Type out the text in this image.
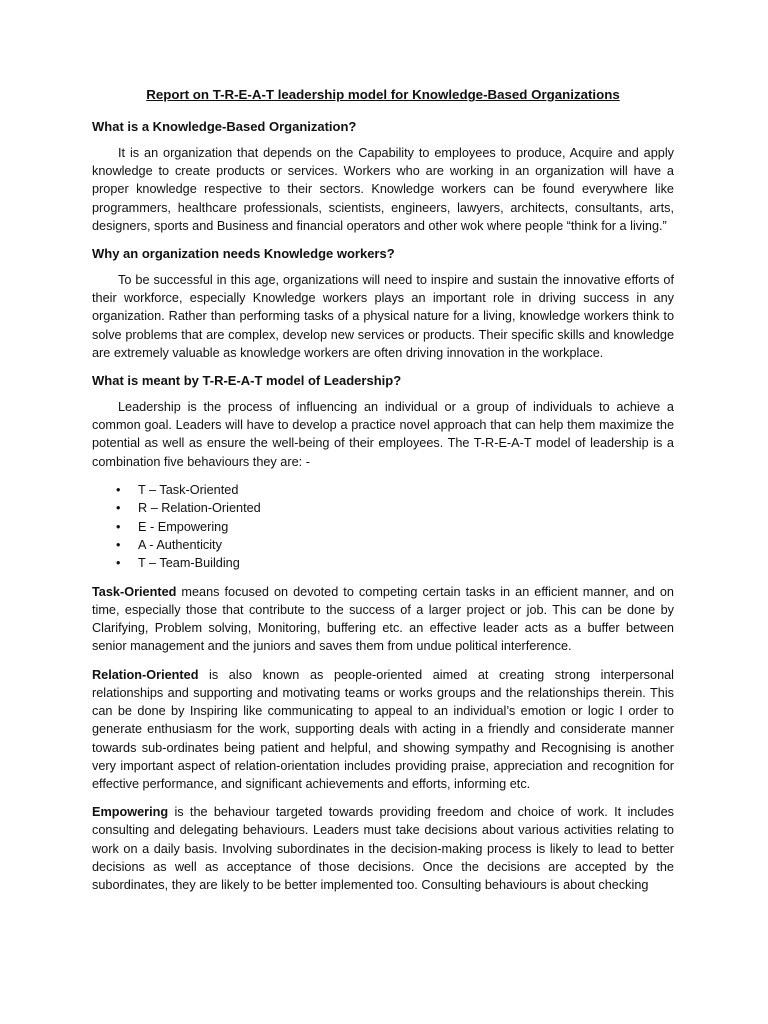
Report on T-R-E-A-T leadership model for Knowledge-Based Organizations

What is a Knowledge-Based Organization?

It is an organization that depends on the Capability to employees to produce, Acquire and apply knowledge to create products or services. Workers who are working in an organization will have a proper knowledge respective to their sectors. Knowledge workers can be found everywhere like programmers, healthcare professionals, scientists, engineers, lawyers, architects, consultants, arts, designers, sports and Business and financial operators and other wok where people “think for a living.”

Why an organization needs Knowledge workers?

To be successful in this age, organizations will need to inspire and sustain the innovative efforts of their workforce, especially Knowledge workers plays an important role in driving success in any organization. Rather than performing tasks of a physical nature for a living, knowledge workers think to solve problems that are complex, develop new services or products. Their specific skills and knowledge are extremely valuable as knowledge workers are often driving innovation in the workplace.

What is meant by T-R-E-A-T model of Leadership?

Leadership is the process of influencing an individual or a group of individuals to achieve a common goal. Leaders will have to develop a practice novel approach that can help them maximize the potential as well as ensure the well-being of their employees. The T-R-E-A-T model of leadership is a combination five behaviours they are: -

• T – Task-Oriented
• R – Relation-Oriented
• E - Empowering
• A - Authenticity
• T – Team-Building

Task-Oriented means focused on devoted to competing certain tasks in an efficient manner, and on time, especially those that contribute to the success of a larger project or job. This can be done by Clarifying, Problem solving, Monitoring, buffering etc. an effective leader acts as a buffer between senior management and the juniors and saves them from undue political interference.

Relation-Oriented is also known as people-oriented aimed at creating strong interpersonal relationships and supporting and motivating teams or works groups and the relationships therein. This can be done by Inspiring like communicating to appeal to an individual’s emotion or logic I order to generate enthusiasm for the work, supporting deals with acting in a friendly and considerate manner towards sub-ordinates being patient and helpful, and showing sympathy and Recognising is another very important aspect of relation-orientation includes providing praise, appreciation and recognition for effective performance, and significant achievements and efforts, informing etc.

Empowering is the behaviour targeted towards providing freedom and choice of work. It includes consulting and delegating behaviours. Leaders must take decisions about various activities relating to work on a daily basis. Involving subordinates in the decision-making process is likely to lead to better decisions as well as acceptance of those decisions. Once the decisions are accepted by the subordinates, they are likely to be better implemented too. Consulting behaviours is about checking
